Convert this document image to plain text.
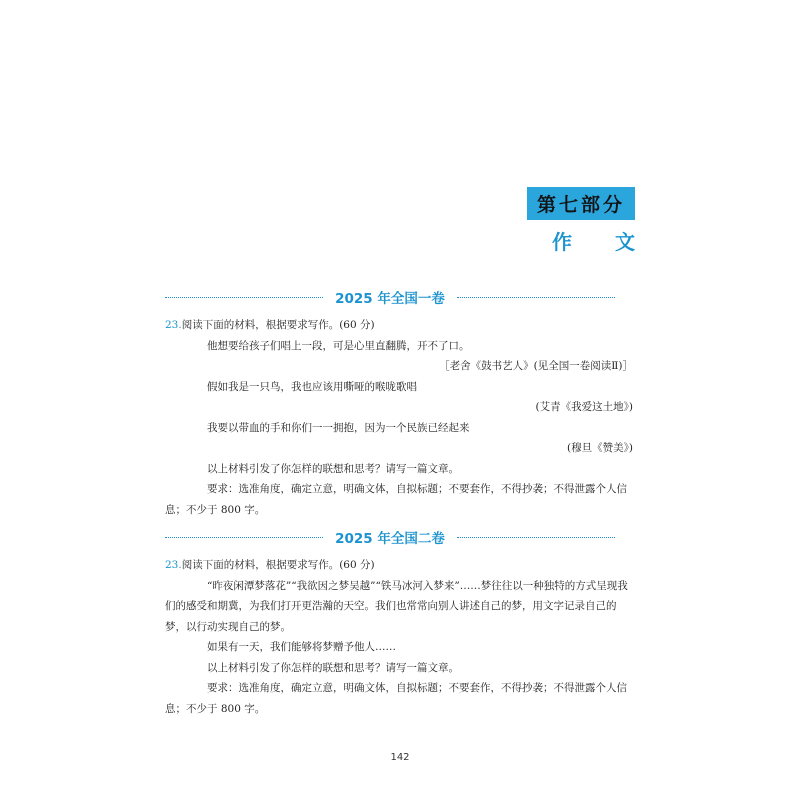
第七部分
作 文
2025 年全国一卷
23.阅读下面的材料，根据要求写作。(60 分)
他想要给孩子们唱上一段，可是心里直翻腾，开不了口。
［老舍《鼓书艺人》(见全国一卷阅读Ⅱ)］
假如我是一只鸟，我也应该用嘶哑的喉咙歌唱
(艾青《我爱这土地》)
我要以带血的手和你们一一拥抱，因为一个民族已经起来
(穆旦《赞美》)
以上材料引发了你怎样的联想和思考？请写一篇文章。
要求：选准角度，确定立意，明确文体，自拟标题；不要套作，不得抄袭；不得泄露个人信息；不少于 800 字。
2025 年全国二卷
23.阅读下面的材料，根据要求写作。(60 分)
“昨夜闲潭梦落花”“我欲因之梦吴越”“铁马冰河入梦来”……梦往往以一种独特的方式呈现我们的感受和期冀，为我们打开更浩瀚的天空。我们也常常向别人讲述自己的梦，用文字记录自己的梦，以行动实现自己的梦。
如果有一天，我们能够将梦赠予他人……
以上材料引发了你怎样的联想和思考？请写一篇文章。
要求：选准角度，确定立意，明确文体，自拟标题；不要套作，不得抄袭；不得泄露个人信息；不少于 800 字。
142
